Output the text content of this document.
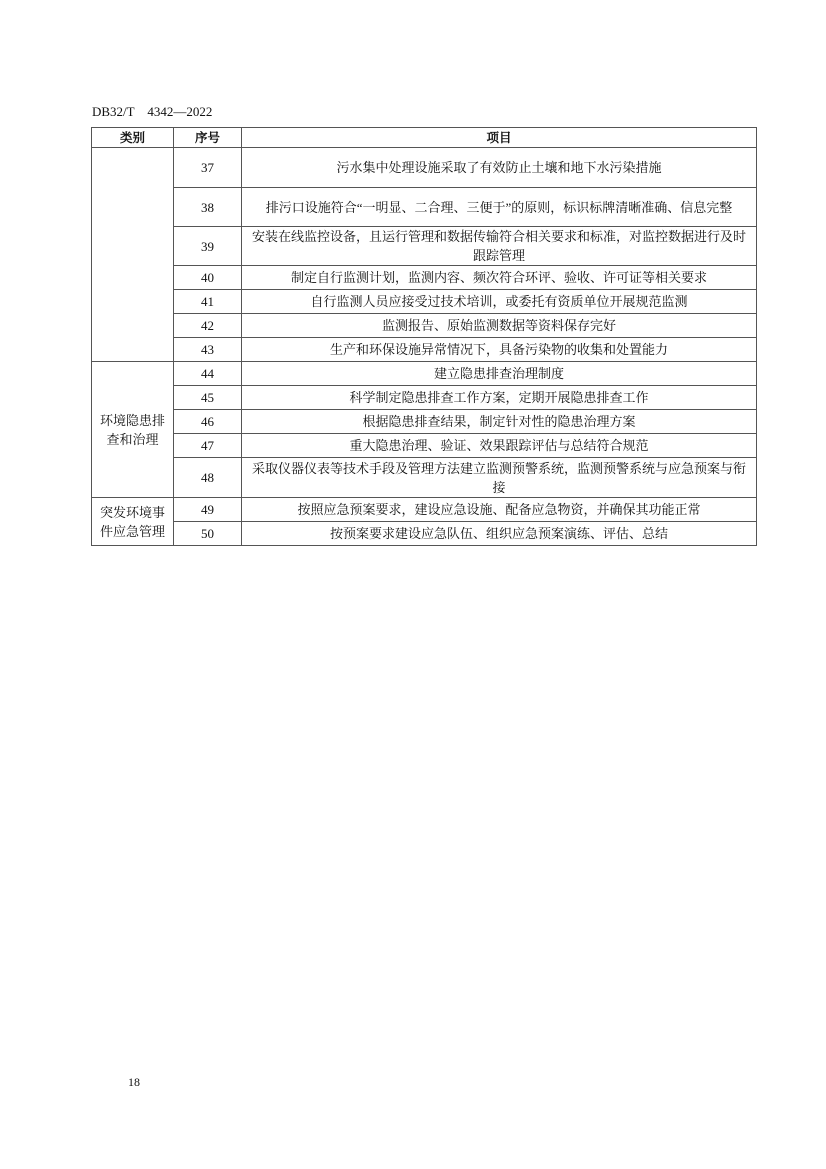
DB32/T　4342—2022
类别	序号	项目
	37	污水集中处理设施采取了有效防止土壤和地下水污染措施
	38	排污口设施符合“一明显、二合理、三便于”的原则，标识标牌清晰准确、信息完整
	39	安装在线监控设备，且运行管理和数据传输符合相关要求和标准，对监控数据进行及时跟踪管理
	40	制定自行监测计划，监测内容、频次符合环评、验收、许可证等相关要求
	41	自行监测人员应接受过技术培训，或委托有资质单位开展规范监测
	42	监测报告、原始监测数据等资料保存完好
	43	生产和环保设施异常情况下，具备污染物的收集和处置能力
环境隐患排查和治理	44	建立隐患排查治理制度
	45	科学制定隐患排查工作方案，定期开展隐患排查工作
	46	根据隐患排查结果，制定针对性的隐患治理方案
	47	重大隐患治理、验证、效果跟踪评估与总结符合规范
	48	采取仪器仪表等技术手段及管理方法建立监测预警系统，监测预警系统与应急预案与衔接
突发环境事件应急管理	49	按照应急预案要求，建设应急设施、配备应急物资，并确保其功能正常
	50	按预案要求建设应急队伍、组织应急预案演练、评估、总结
18
